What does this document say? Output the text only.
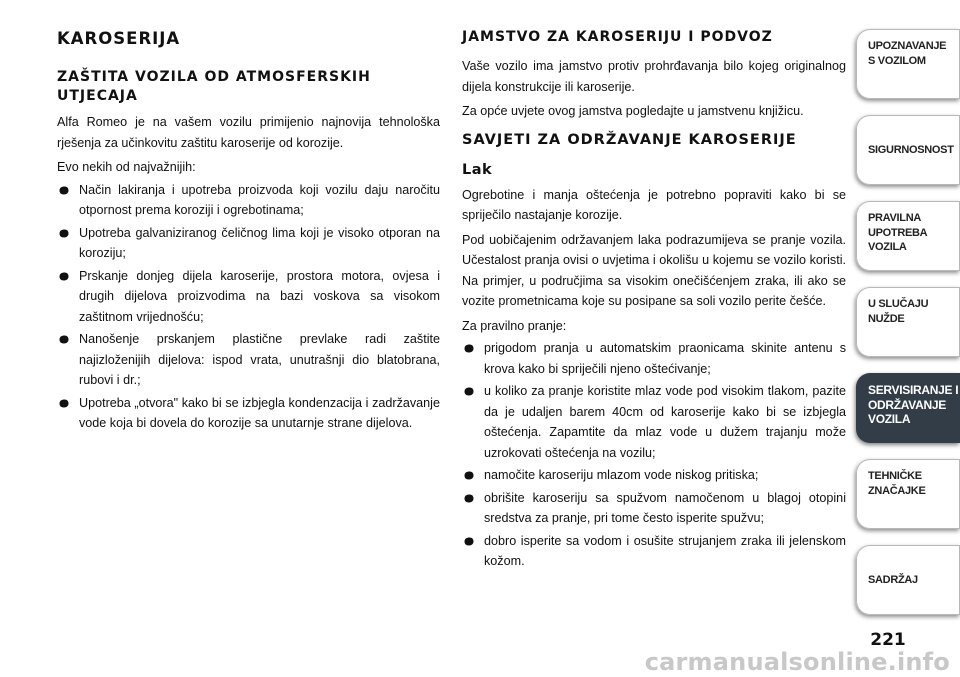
KAROSERIJA
ZAŠTITA VOZILA OD ATMOSFERSKIH UTJECAJA

Alfa Romeo je na vašem vozilu primijenio najnovija tehnološka rješenja za učinkovitu zaštitu karoserije od korozije.

Evo nekih od najvažnijih:

Način lakiranja i upotreba proizvoda koji vozilu daju naročitu otpornost prema koroziji i ogrebotinama;
Upotreba galvaniziranog čeličnog lima koji je visoko otporan na koroziju;
Prskanje donjeg dijela karoserije, prostora motora, ovjesa i drugih dijelova proizvodima na bazi voskova sa visokom zaštitnom vrijednošću;
Nanošenje prskanjem plastične prevlake radi zaštite najizloženijih dijelova: ispod vrata, unutrašnji dio blatobrana, rubovi i dr.;
Upotreba „otvora" kako bi se izbjegla kondenzacija i zadržavanje vode koja bi dovela do korozije sa unutarnje strane dijelova.
JAMSTVO ZA KAROSERIJU I PODVOZ

Vaše vozilo ima jamstvo protiv prohrđavanja bilo kojeg originalnog dijela konstrukcije ili karoserije.

Za opće uvjete ovog jamstva pogledajte u jamstvenu knjižicu.

SAVJETI ZA ODRŽAVANJE KAROSERIJE
Lak

Ogrebotine i manja oštećenja je potrebno popraviti kako bi se spriječilo nastajanje korozije.

Pod uobičajenim održavanjem laka podrazumijeva se pranje vozila. Učestalost pranja ovisi o uvjetima i okolišu u kojemu se vozilo koristi. Na primjer, u područjima sa visokim onečišćenjem zraka, ili ako se vozite prometnicama koje su posipane sa soli vozilo perite češće.

Za pravilno pranje:

prigodom pranja u automatskim praonicama skinite antenu s krova kako bi spriječili njeno oštećivanje;
u koliko za pranje koristite mlaz vode pod visokim tlakom, pazite da je udaljen barem 40cm od karoserije kako bi se izbjegla oštećenja. Zapamtite da mlaz vode u dužem trajanju može uzrokovati oštećenja na vozilu;
namočite karoseriju mlazom vode niskog pritiska;
obrišite karoseriju sa spužvom namočenom u blagoj otopini sredstva za pranje, pri tome često isperite spužvu;
dobro isperite sa vodom i osušite strujanjem zraka ili jelenskom kožom.
UPOZNAVANJE
S VOZILOM
SIGURNOSNOST
PRAVILNA
UPOTREBA
VOZILA
U SLUČAJU
NUŽDE
SERVISIRANJE I
ODRŽAVANJE
VOZILA
TEHNIČKE
ZNAČAJKE
SADRŽAJ
221
carmanualsonline.info
